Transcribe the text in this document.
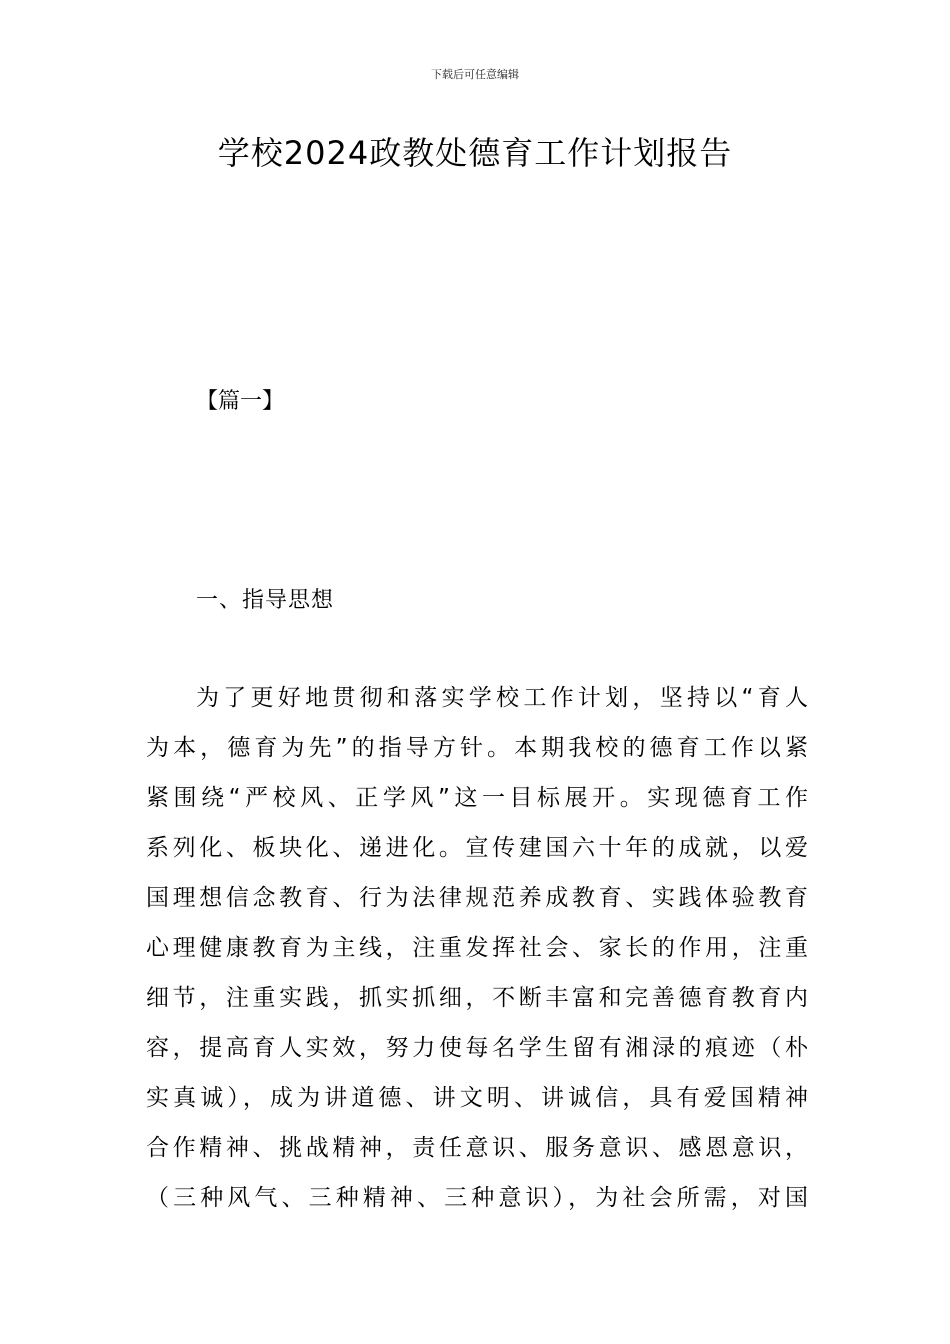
下载后可任意编辑
学校2024政教处德育工作计划报告
【篇一】
一、指导思想
为了更好地贯彻和落实学校工作计划，坚持以“育人
为本，德育为先”的指导方针。本期我校的德育工作以紧
紧围绕“严校风、正学风”这一目标展开。实现德育工作
系列化、板块化、递进化。宣传建国六十年的成就，以爱
国理想信念教育、行为法律规范养成教育、实践体验教育
心理健康教育为主线，注重发挥社会、家长的作用，注重
细节，注重实践，抓实抓细，不断丰富和完善德育教育内
容，提高育人实效，努力使每名学生留有湘渌的痕迹（朴
实真诚），成为讲道德、讲文明、讲诚信，具有爱国精神
合作精神、挑战精神，责任意识、服务意识、感恩意识，
（三种风气、三种精神、三种意识），为社会所需，对国
